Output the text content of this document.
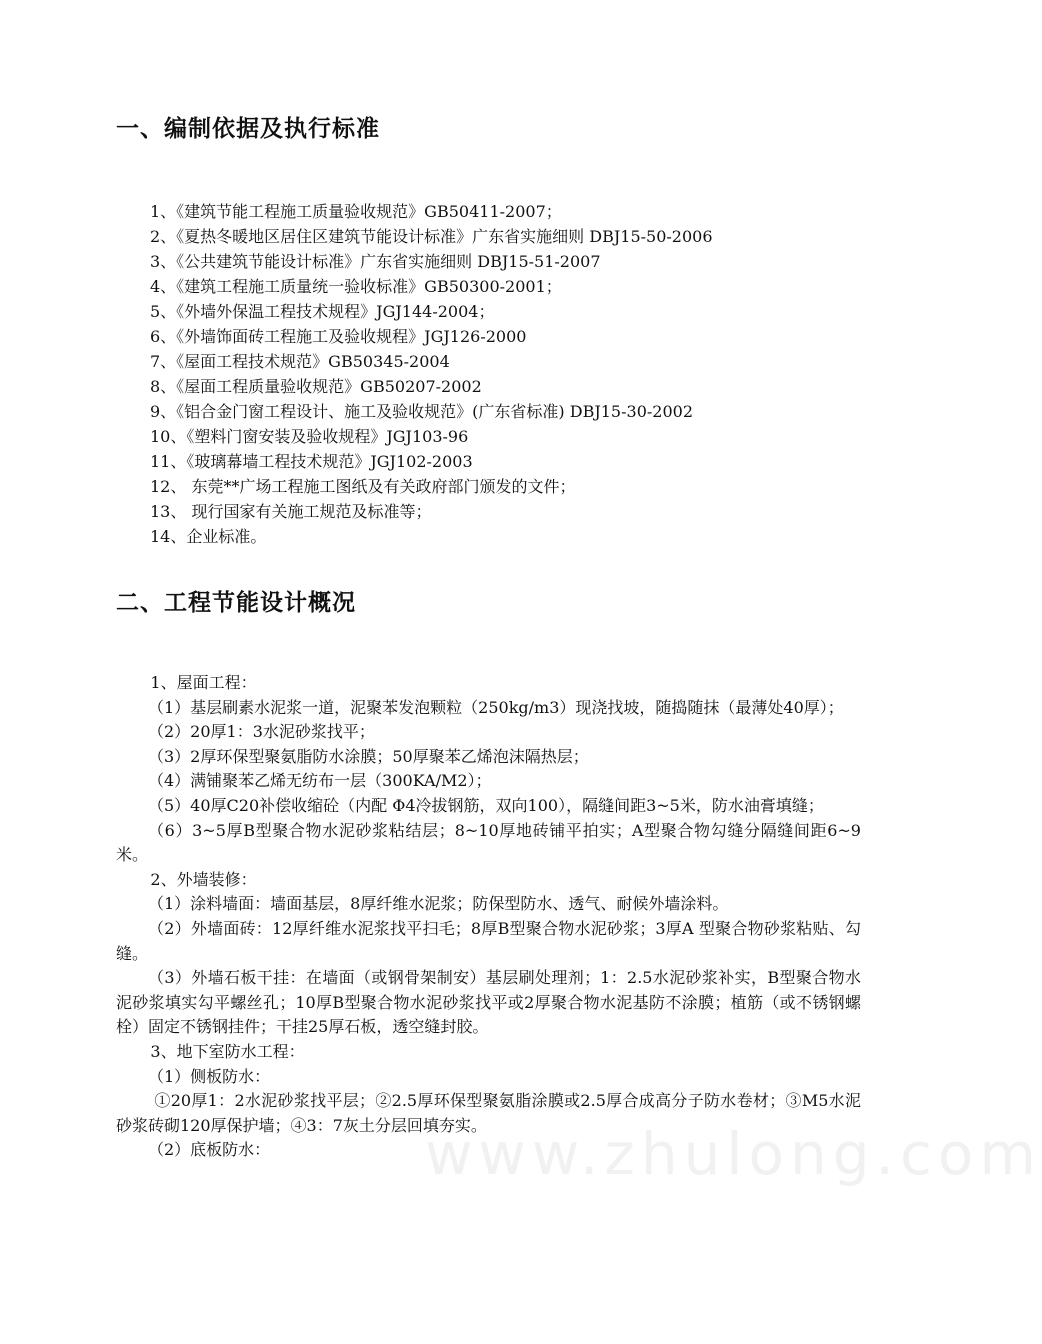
www.zhulong.com
一、编制依据及执行标准
1、《建筑节能工程施工质量验收规范》GB50411-2007；
2、《夏热冬暖地区居住区建筑节能设计标准》广东省实施细则 DBJ15-50-2006
3、《公共建筑节能设计标准》广东省实施细则 DBJ15-51-2007
4、《建筑工程施工质量统一验收标准》GB50300-2001；
5、《外墙外保温工程技术规程》JGJ144-2004；
6、《外墙饰面砖工程施工及验收规程》JGJ126-2000
7、《屋面工程技术规范》GB50345-2004
8、《屋面工程质量验收规范》GB50207-2002
9、《铝合金门窗工程设计、施工及验收规范》(广东省标准) DBJ15-30-2002
10、《塑料门窗安装及验收规程》JGJ103-96
11、《玻璃幕墙工程技术规范》JGJ102-2003
12、 东莞**广场工程施工图纸及有关政府部门颁发的文件；
13、 现行国家有关施工规范及标准等；
14、企业标准。
二、工程节能设计概况
1、屋面工程：
（1）基层刷素水泥浆一道，泥聚苯发泡颗粒（250kg/m3）现浇找坡，随捣随抹（最薄处40厚）；
（2）20厚1：3水泥砂浆找平；
（3）2厚环保型聚氨脂防水涂膜；50厚聚苯乙烯泡沫隔热层；
（4）满铺聚苯乙烯无纺布一层（300KA/M2）；
（5）40厚C20补偿收缩砼（内配 Φ4冷拔钢筋，双向100），隔缝间距3~5米，防水油膏填缝；
（6）3~5厚B型聚合物水泥砂浆粘结层；8~10厚地砖铺平拍实；A型聚合物勾缝分隔缝间距6~9米。
2、外墙装修：
（1）涂料墙面：墙面基层，8厚纤维水泥浆；防保型防水、透气、耐候外墙涂料。
（2）外墙面砖：12厚纤维水泥浆找平扫毛；8厚B型聚合物水泥砂浆；3厚A 型聚合物砂浆粘贴、勾缝。
（3）外墙石板干挂：在墙面（或钢骨架制安）基层刷处理剂；1：2.5水泥砂浆补实，B型聚合物水泥砂浆填实勾平螺丝孔；10厚B型聚合物水泥砂浆找平或2厚聚合物水泥基防不涂膜；植筋（或不锈钢螺栓）固定不锈钢挂件；干挂25厚石板，透空缝封胶。
3、地下室防水工程：
（1）侧板防水：
①20厚1：2水泥砂浆找平层；②2.5厚环保型聚氨脂涂膜或2.5厚合成高分子防水卷材；③M5水泥砂浆砖砌120厚保护墙；④3：7灰土分层回填夯实。
（2）底板防水：
